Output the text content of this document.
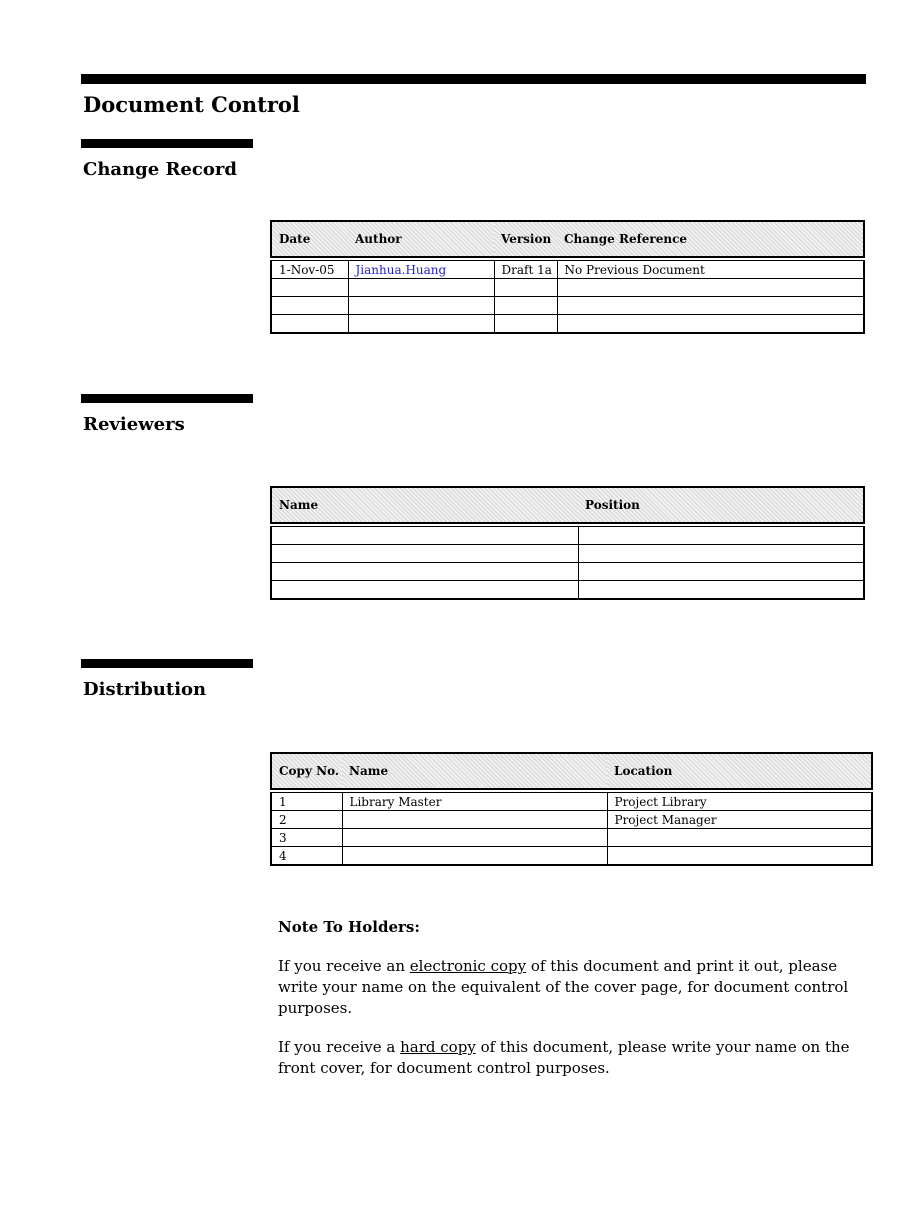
Document Control
Change Record
Date	Author	Version	Change Reference

1-Nov-05	Jianhua.Huang	Draft 1a	No Previous Document

Reviewers
Name	Position

Distribution
Copy No.	Name	Location

1	Library Master	Project Library
2		Project Manager
3		
4		

Note To Holders:

If you receive an electronic copy of this document and print it out, please write your name on the equivalent of the cover page, for document control purposes.

If you receive a hard copy of this document, please write your name on the front cover, for document control purposes.
